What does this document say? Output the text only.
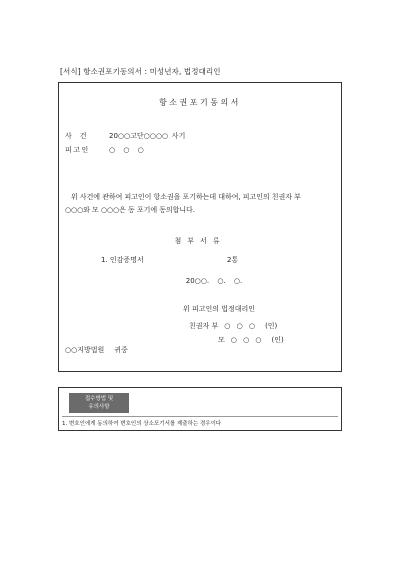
[서식] 항소권포기동의서 : 미성년자, 법정대리인
항소권포기동의서
사건 20○○고단○○○○ 사기
피고인	○ ○ ○
위 사건에 관하여 피고인이 항소권을 포기하는데 대하여, 피고인의 친권자 부
○○○와 모 ○○○은 동 포기에 동의합니다.
첨부서류
1. 인감증명서	2통
20○○. ○. ○.
위 피고인의 법정대리인
친권자 부 ○ ○ ○ (인)
모 ○ ○ ○ (인)
○○지방법원 귀중
접수방법 및
유의사항
1. 변호인에게 동의하여 변호인의 상소포기서를 제출하는 경우이다
